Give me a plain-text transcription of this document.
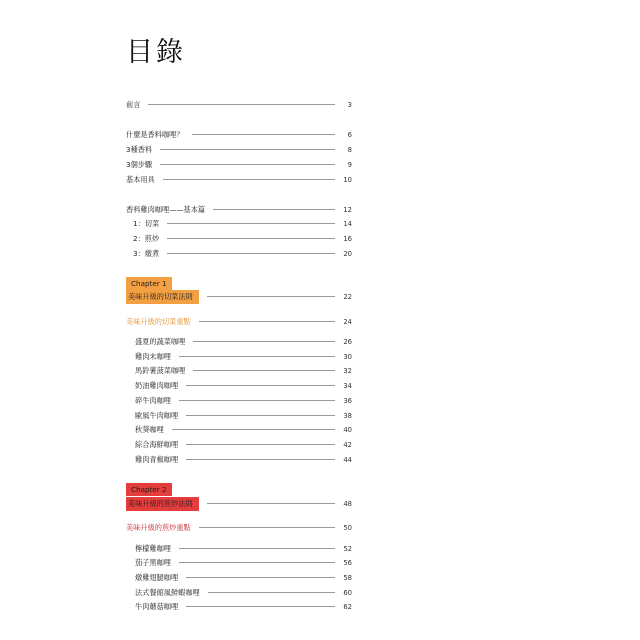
目錄
前言	3
什麼是香料咖哩？	6
3種香料	8
3個步驟	9
基本用具	10
香料雞肉咖哩——基本篇	12
1：切菜	14
2：煎炒	16
3：燉煮	20
Chapter 1
美味升級的切菜法則	22
美味升級的切菜重點	24
盛夏的蔬菜咖哩	26
雞肉末咖哩	30
馬鈴薯菠菜咖哩	32
奶油雞肉咖哩	34
碎牛肉咖哩	36
歐風牛肉咖哩	38
秋葵咖哩	40
綜合海鮮咖哩	42
雞肉青椒咖哩	44
Chapter 2
美味升級的煎炒法則	48
美味升級的煎炒重點	50
檸檬雞咖哩	52
茄子黑咖哩	56
燉雞翅腿咖哩	58
法式餐館風鮮蝦咖哩	60
牛肉蘑菇咖哩	62
